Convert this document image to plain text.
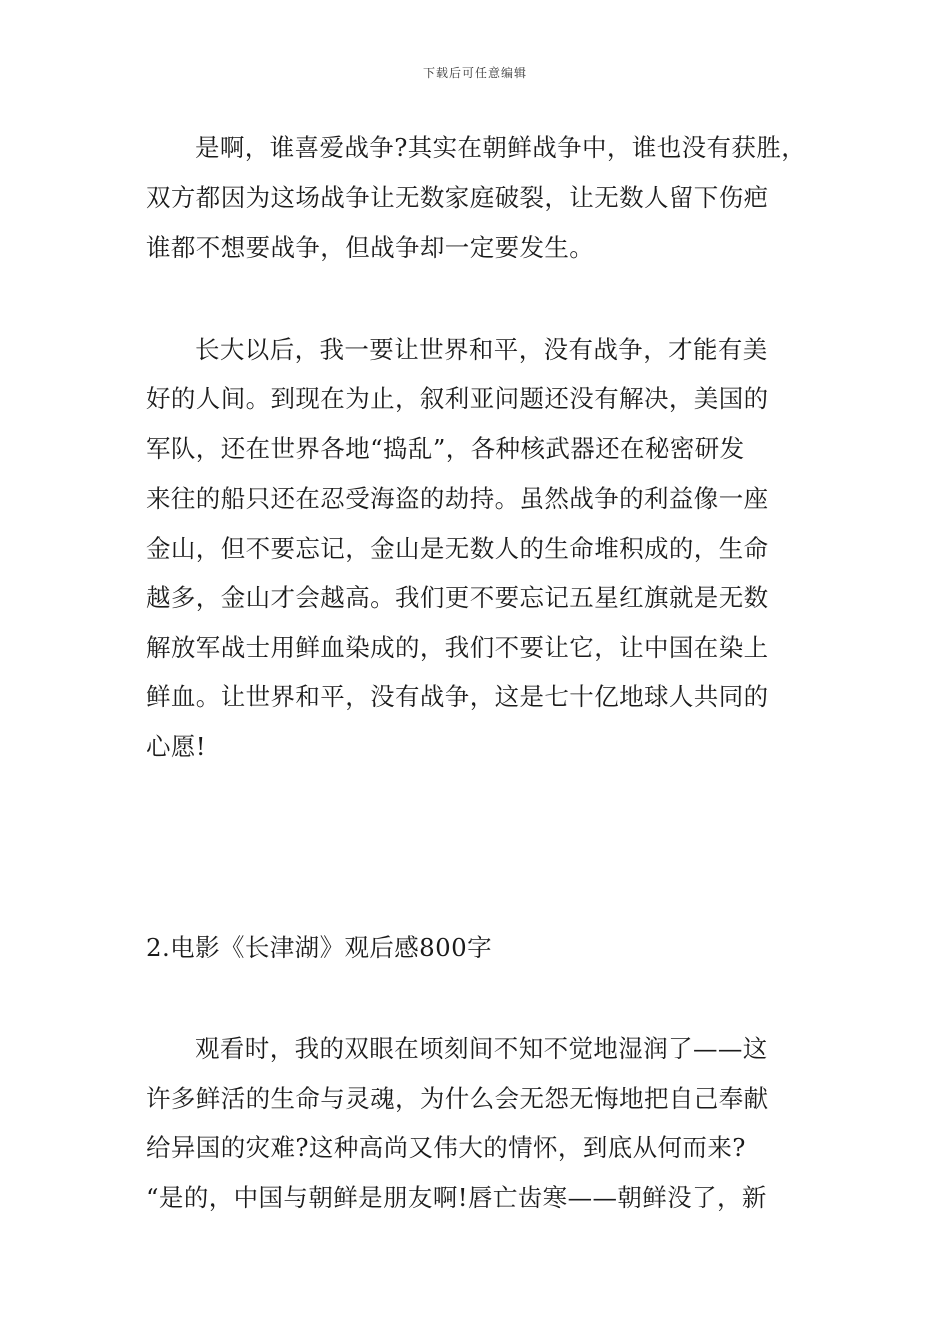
下载后可任意编辑
是啊，谁喜爱战争?其实在朝鲜战争中，谁也没有获胜，
双方都因为这场战争让无数家庭破裂，让无数人留下伤疤
谁都不想要战争，但战争却一定要发生。
长大以后，我一要让世界和平，没有战争，才能有美
好的人间。到现在为止，叙利亚问题还没有解决，美国的
军队，还在世界各地“捣乱”，各种核武器还在秘密研发
来往的船只还在忍受海盗的劫持。虽然战争的利益像一座
金山，但不要忘记，金山是无数人的生命堆积成的，生命
越多，金山才会越高。我们更不要忘记五星红旗就是无数
解放军战士用鲜血染成的，我们不要让它，让中国在染上
鲜血。让世界和平，没有战争，这是七十亿地球人共同的
心愿!
2.电影《长津湖》观后感800字
观看时，我的双眼在顷刻间不知不觉地湿润了——这
许多鲜活的生命与灵魂，为什么会无怨无悔地把自己奉献
给异国的灾难?这种高尚又伟大的情怀，到底从何而来?
“是的，中国与朝鲜是朋友啊!唇亡齿寒——朝鲜没了，新
